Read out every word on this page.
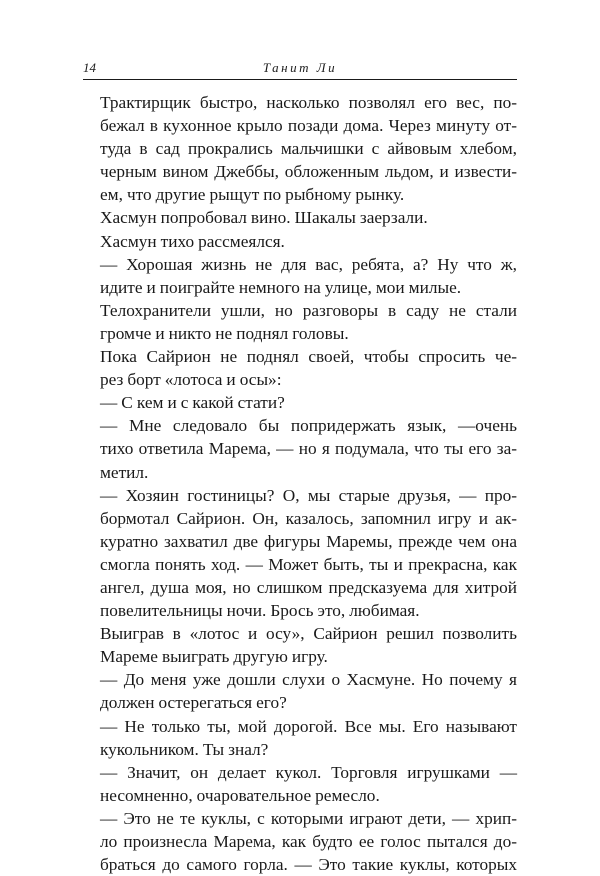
14	Танит Ли
Трактирщик быстро, насколько позволял его вес, по-
бежал в кухонное крыло позади дома. Через минуту от-
туда в сад прокрались мальчишки с айвовым хлебом,
черным вином Джеббы, обложенным льдом, и извести-
ем, что другие рыщут по рыбному рынку.
Хасмун попробовал вино. Шакалы заерзали.
Хасмун тихо рассмеялся.
— Хорошая жизнь не для вас, ребята, а? Ну что ж,
идите и поиграйте немного на улице, мои милые.
Телохранители ушли, но разговоры в саду не стали
громче и никто не поднял головы.
Пока Сайрион не поднял своей, чтобы спросить че-
рез борт «лотоса и осы»:
— С кем и с какой стати?
— Мне следовало бы попридержать язык, —очень
тихо ответила Марема, — но я подумала, что ты его за-
метил.
— Хозяин гостиницы? О, мы старые друзья, — про-
бормотал Сайрион. Он, казалось, запомнил игру и ак-
куратно захватил две фигуры Маремы, прежде чем она
смогла понять ход. — Может быть, ты и прекрасна, как
ангел, душа моя, но слишком предсказуема для хитрой
повелительницы ночи. Брось это, любимая.
Выиграв в «лотос и осу», Сайрион решил позволить
Мареме выиграть другую игру.
— До меня уже дошли слухи о Хасмуне. Но почему я
должен остерегаться его?
— Не только ты, мой дорогой. Все мы. Его называют
кукольником. Ты знал?
— Значит, он делает кукол. Торговля игрушками —
несомненно, очаровательное ремесло.
— Это не те куклы, с которыми играют дети, — хрип-
ло произнесла Марема, как будто ее голос пытался до-
браться до самого горла. — Это такие куклы, которых
